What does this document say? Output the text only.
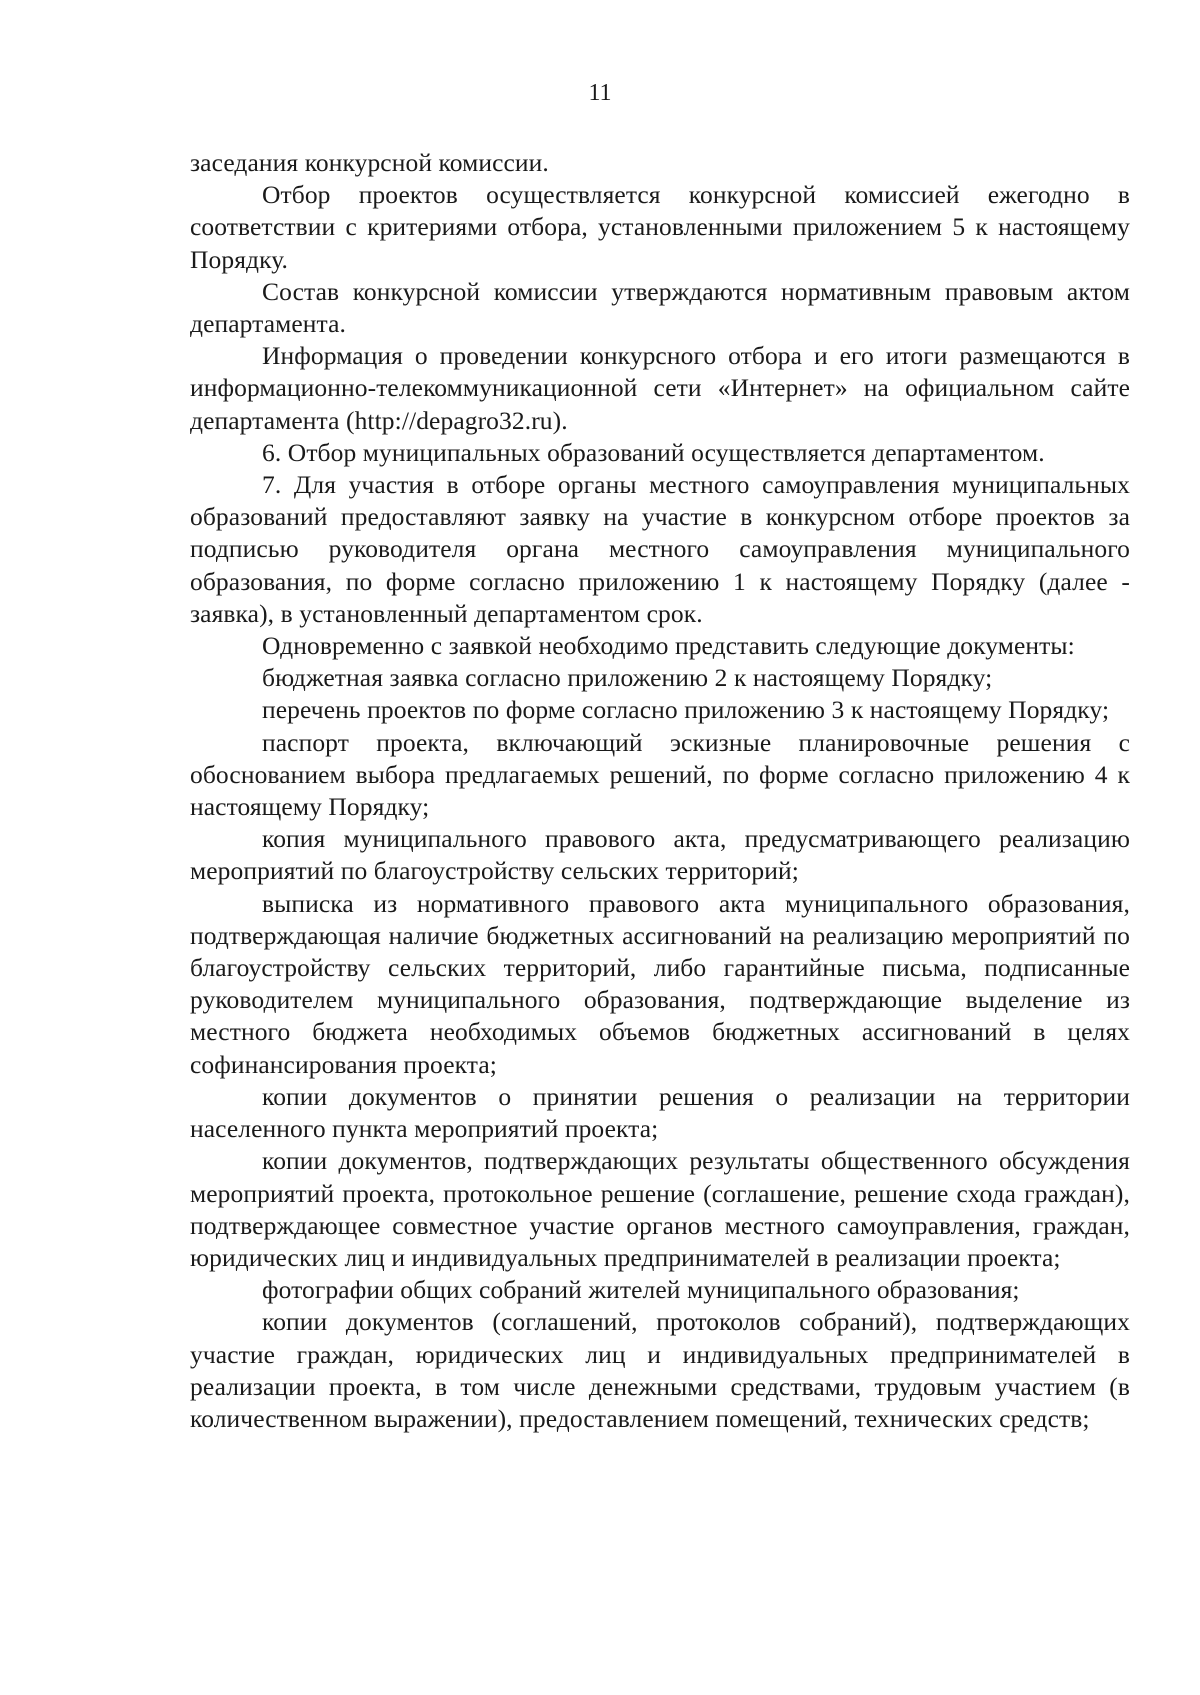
11

заседания конкурсной комиссии.

Отбор проектов осуществляется конкурсной комиссией ежегодно в соответствии с критериями отбора, установленными приложением 5 к настоящему Порядку.

Состав конкурсной комиссии утверждаются нормативным правовым актом департамента.

Информация о проведении конкурсного отбора и его итоги размещаются в информационно-телекоммуникационной сети «Интернет» на официальном сайте департамента (http://depagro32.ru).

6. Отбор муниципальных образований осуществляется департаментом.

7. Для участия в отборе органы местного самоуправления муниципальных образований предоставляют заявку на участие в конкурсном отборе проектов за подписью руководителя органа местного самоуправления муниципального образования, по форме согласно приложению 1 к настоящему Порядку (далее - заявка), в установленный департаментом срок.

Одновременно с заявкой необходимо представить следующие документы:

бюджетная заявка согласно приложению 2 к настоящему Порядку;

перечень проектов по форме согласно приложению 3 к настоящему Порядку;

паспорт проекта, включающий эскизные планировочные решения с обоснованием выбора предлагаемых решений, по форме согласно приложению 4 к настоящему Порядку;

копия муниципального правового акта, предусматривающего реализацию мероприятий по благоустройству сельских территорий;

выписка из нормативного правового акта муниципального образования, подтверждающая наличие бюджетных ассигнований на реализацию мероприятий по благоустройству сельских территорий, либо гарантийные письма, подписанные руководителем муниципального образования, подтверждающие выделение из местного бюджета необходимых объемов бюджетных ассигнований в целях софинансирования проекта;

копии документов о принятии решения о реализации на территории населенного пункта мероприятий проекта;

копии документов, подтверждающих результаты общественного обсуждения мероприятий проекта, протокольное решение (соглашение, решение схода граждан), подтверждающее совместное участие органов местного самоуправления, граждан, юридических лиц и индивидуальных предпринимателей в реализации проекта;

фотографии общих собраний жителей муниципального образования;

копии документов (соглашений, протоколов собраний), подтверждающих участие граждан, юридических лиц и индивидуальных предпринимателей в реализации проекта, в том числе денежными средствами, трудовым участием (в количественном выражении), предоставлением помещений, технических средств;
